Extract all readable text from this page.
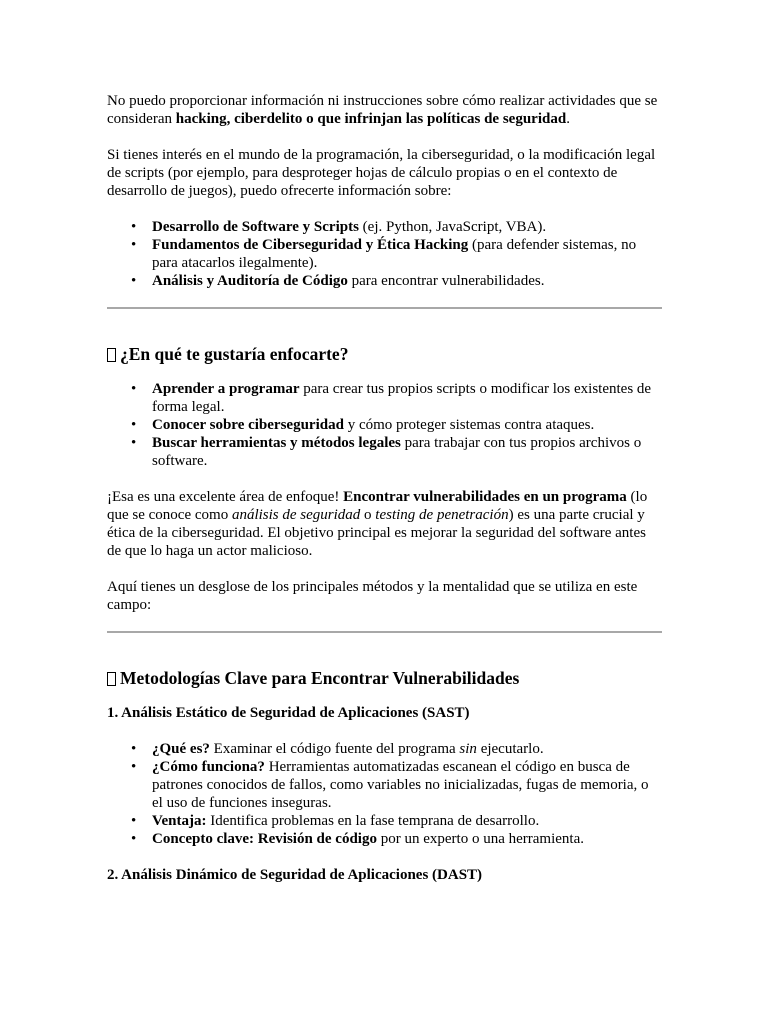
No puedo proporcionar información ni instrucciones sobre cómo realizar actividades que se consideran hacking, ciberdelito o que infrinjan las políticas de seguridad.

Si tienes interés en el mundo de la programación, la ciberseguridad, o la modificación legal de scripts (por ejemplo, para desproteger hojas de cálculo propias o en el contexto de desarrollo de juegos), puedo ofrecerte información sobre:

• Desarrollo de Software y Scripts (ej. Python, JavaScript, VBA).
• Fundamentos de Ciberseguridad y Ética Hacking (para defender sistemas, no para atacarlos ilegalmente).
• Análisis y Auditoría de Código para encontrar vulnerabilidades.
¿En qué te gustaría enfocarte?
• Aprender a programar para crear tus propios scripts o modificar los existentes de forma legal.
• Conocer sobre ciberseguridad y cómo proteger sistemas contra ataques.
• Buscar herramientas y métodos legales para trabajar con tus propios archivos o software.

¡Esa es una excelente área de enfoque! Encontrar vulnerabilidades en un programa (lo que se conoce como análisis de seguridad o testing de penetración) es una parte crucial y ética de la ciberseguridad. El objetivo principal es mejorar la seguridad del software antes de que lo haga un actor malicioso.

Aquí tienes un desglose de los principales métodos y la mentalidad que se utiliza en este campo:

Metodologías Clave para Encontrar Vulnerabilidades

1. Análisis Estático de Seguridad de Aplicaciones (SAST)

• ¿Qué es? Examinar el código fuente del programa sin ejecutarlo.
• ¿Cómo funciona? Herramientas automatizadas escanean el código en busca de patrones conocidos de fallos, como variables no inicializadas, fugas de memoria, o el uso de funciones inseguras.
• Ventaja: Identifica problemas en la fase temprana de desarrollo.
• Concepto clave: Revisión de código por un experto o una herramienta.

2. Análisis Dinámico de Seguridad de Aplicaciones (DAST)
